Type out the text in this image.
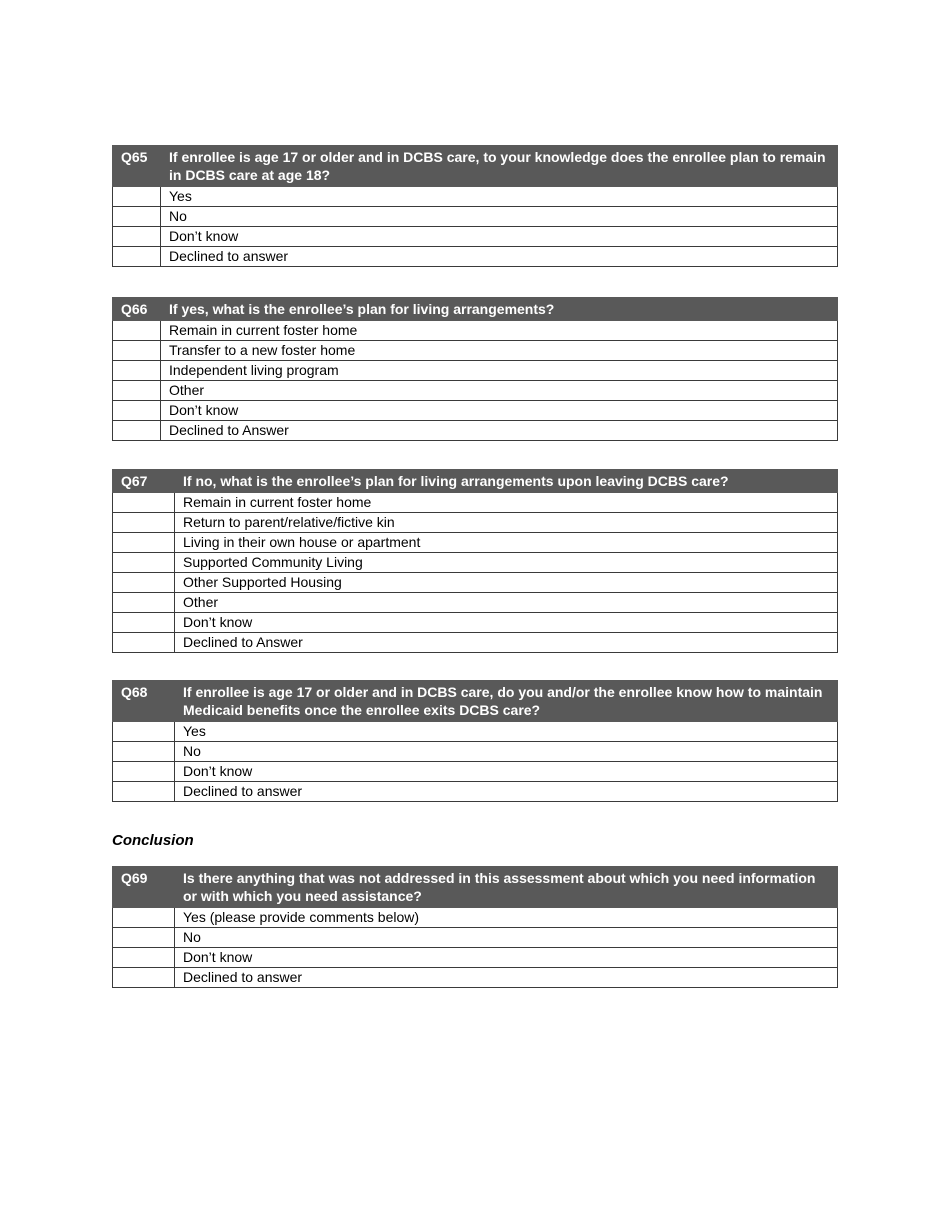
Q65	If enrollee is age 17 or older and in DCBS care, to your knowledge does the enrollee plan to remain in DCBS care at age 18?
	Yes
	No
	Don’t know
	Declined to answer
Q66	If yes, what is the enrollee’s plan for living arrangements?
	Remain in current foster home
	Transfer to a new foster home
	Independent living program
	Other
	Don’t know
	Declined to Answer
Q67	If no, what is the enrollee’s plan for living arrangements upon leaving DCBS care?
	Remain in current foster home
	Return to parent/relative/fictive kin
	Living in their own house or apartment
	Supported Community Living
	Other Supported Housing
	Other
	Don’t know
	Declined to Answer
Q68	If enrollee is age 17 or older and in DCBS care, do you and/or the enrollee know how to maintain Medicaid benefits once the enrollee exits DCBS care?
	Yes
	No
	Don’t know
	Declined to answer
Conclusion
Q69	Is there anything that was not addressed in this assessment about which you need information or with which you need assistance?
	Yes (please provide comments below)
	No
	Don’t know
	Declined to answer
